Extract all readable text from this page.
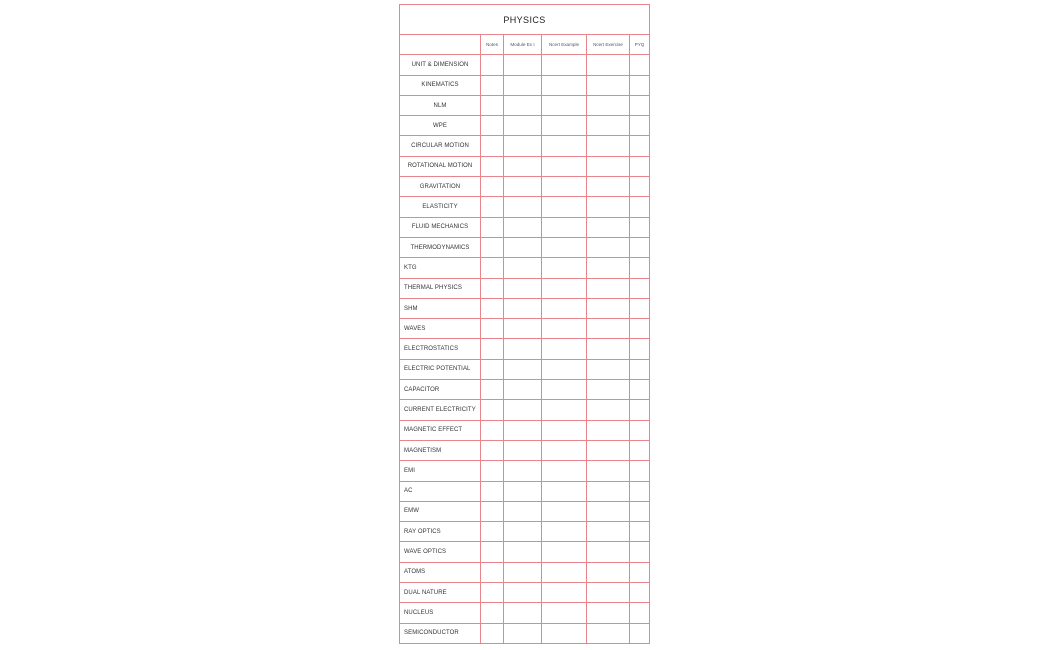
PHYSICS					
	Notes	Module Ex I	Ncert Example	Ncert Exercise	PYQ
UNIT & DIMENSION					
KINEMATICS					
NLM					
WPE					
CIRCULAR MOTION					
ROTATIONAL MOTION					
GRAVITATION					
ELASTICITY					
FLUID MECHANICS					
THERMODYNAMICS					
KTG					
THERMAL PHYSICS					
SHM					
WAVES					
ELECTROSTATICS					
ELECTRIC POTENTIAL					
CAPACITOR					
CURRENT ELECTRICITY					
MAGNETIC EFFECT					
MAGNETISM					
EMI					
AC					
EMW					
RAY OPTICS					
WAVE OPTICS					
ATOMS					
DUAL NATURE					
NUCLEUS					
SEMICONDUCTOR					
